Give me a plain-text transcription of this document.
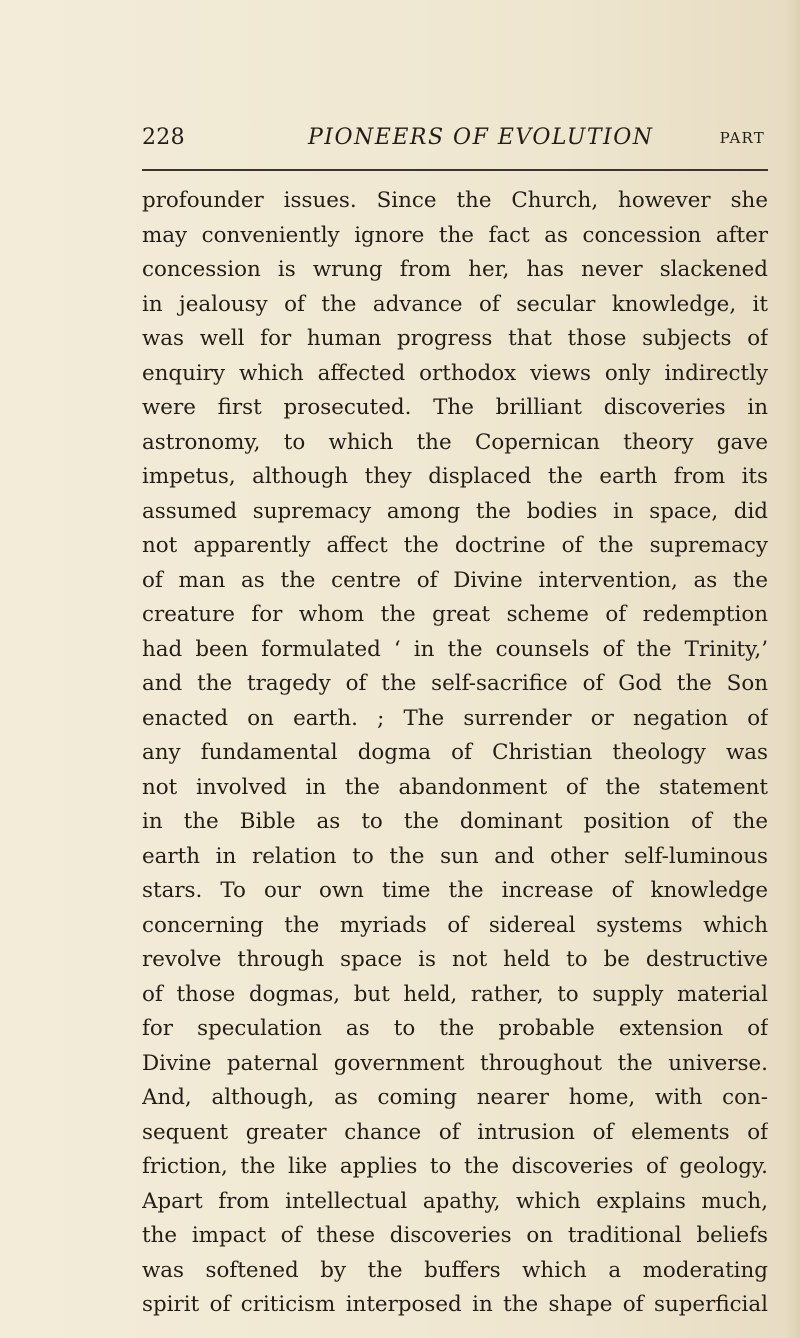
228	PIONEERS OF EVOLUTION	PART
profounder issues. Since the Church, however she
may conveniently ignore the fact as concession after
concession is wrung from her, has never slackened
in jealousy of the advance of secular knowledge, it
was well for human progress that those subjects of
enquiry which affected orthodox views only indirectly
were first prosecuted. The brilliant discoveries in
astronomy, to which the Copernican theory gave
impetus, although they displaced the earth from its
assumed supremacy among the bodies in space, did
not apparently affect the doctrine of the supremacy
of man as the centre of Divine intervention, as the
creature for whom the great scheme of redemption
had been formulated ‘ in the counsels of the Trinity,’
and the tragedy of the self-sacrifice of God the Son
enacted on earth. ; The surrender or negation of
any fundamental dogma of Christian theology was
not involved in the abandonment of the statement
in the Bible as to the dominant position of the
earth in relation to the sun and other self-luminous
stars. To our own time the increase of knowledge
concerning the myriads of sidereal systems which
revolve through space is not held to be destructive
of those dogmas, but held, rather, to supply material
for speculation as to the probable extension of
Divine paternal government throughout the universe.
And, although, as coming nearer home, with con-
sequent greater chance of intrusion of elements of
friction, the like applies to the discoveries of geology.
Apart from intellectual apathy, which explains much,
the impact of these discoveries on traditional beliefs
was softened by the buffers which a moderating
spirit of criticism interposed in the shape of superficial
